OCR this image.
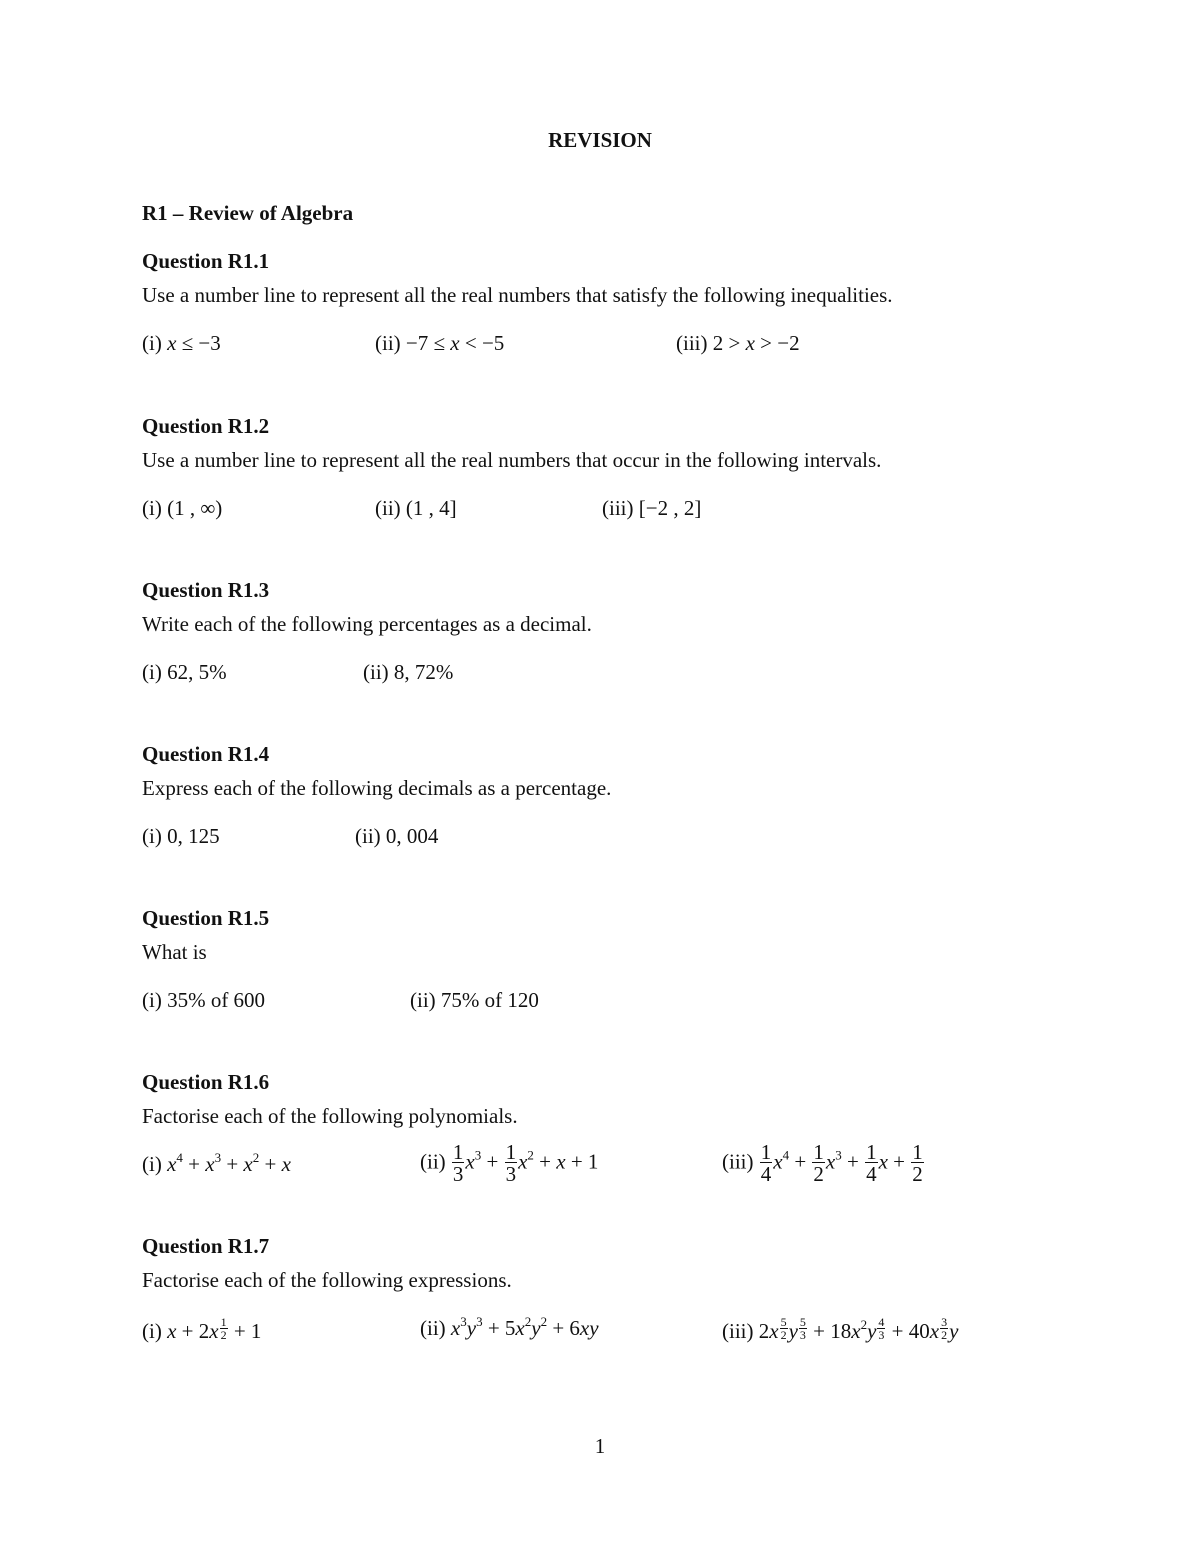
REVISION
R1 – Review of Algebra
Question R1.1
Use a number line to represent all the real numbers that satisfy the following inequalities.
(i) x ≤ −3	(ii) −7 ≤ x < −5	(iii) 2 > x > −2
Question R1.2
Use a number line to represent all the real numbers that occur in the following intervals.
(i) (1 , ∞)	(ii) (1 , 4]	(iii) [−2 , 2]
Question R1.3
Write each of the following percentages as a decimal.
(i) 62, 5%	(ii) 8, 72%
Question R1.4
Express each of the following decimals as a percentage.
(i) 0, 125	(ii) 0, 004
Question R1.5
What is
(i) 35% of 600	(ii) 75% of 120
Question R1.6
Factorise each of the following polynomials.
(i) $x^4 + x^3 + x^2 + x$	$(ii) \frac{1}{3} x^3 + \frac{1}{3} x^2 + x + 1$	$(iii) \frac{1}{4} x^4 + \frac{1}{2} x^3 + \frac{1}{4}$ $x + \frac{1}{2}$
Question R1.7
Factorise each of the following expressions.
(i) $x + 2x \frac{1}{2} + 1$	(ii) $x^3y^3 + 5x^2y^2 + 6xy$	(iii) $2x \frac{5}{2}$ y $\frac{5}{3} + 18x^2y \frac{4}{3} + 40x \frac{3}{2}$ y
1
